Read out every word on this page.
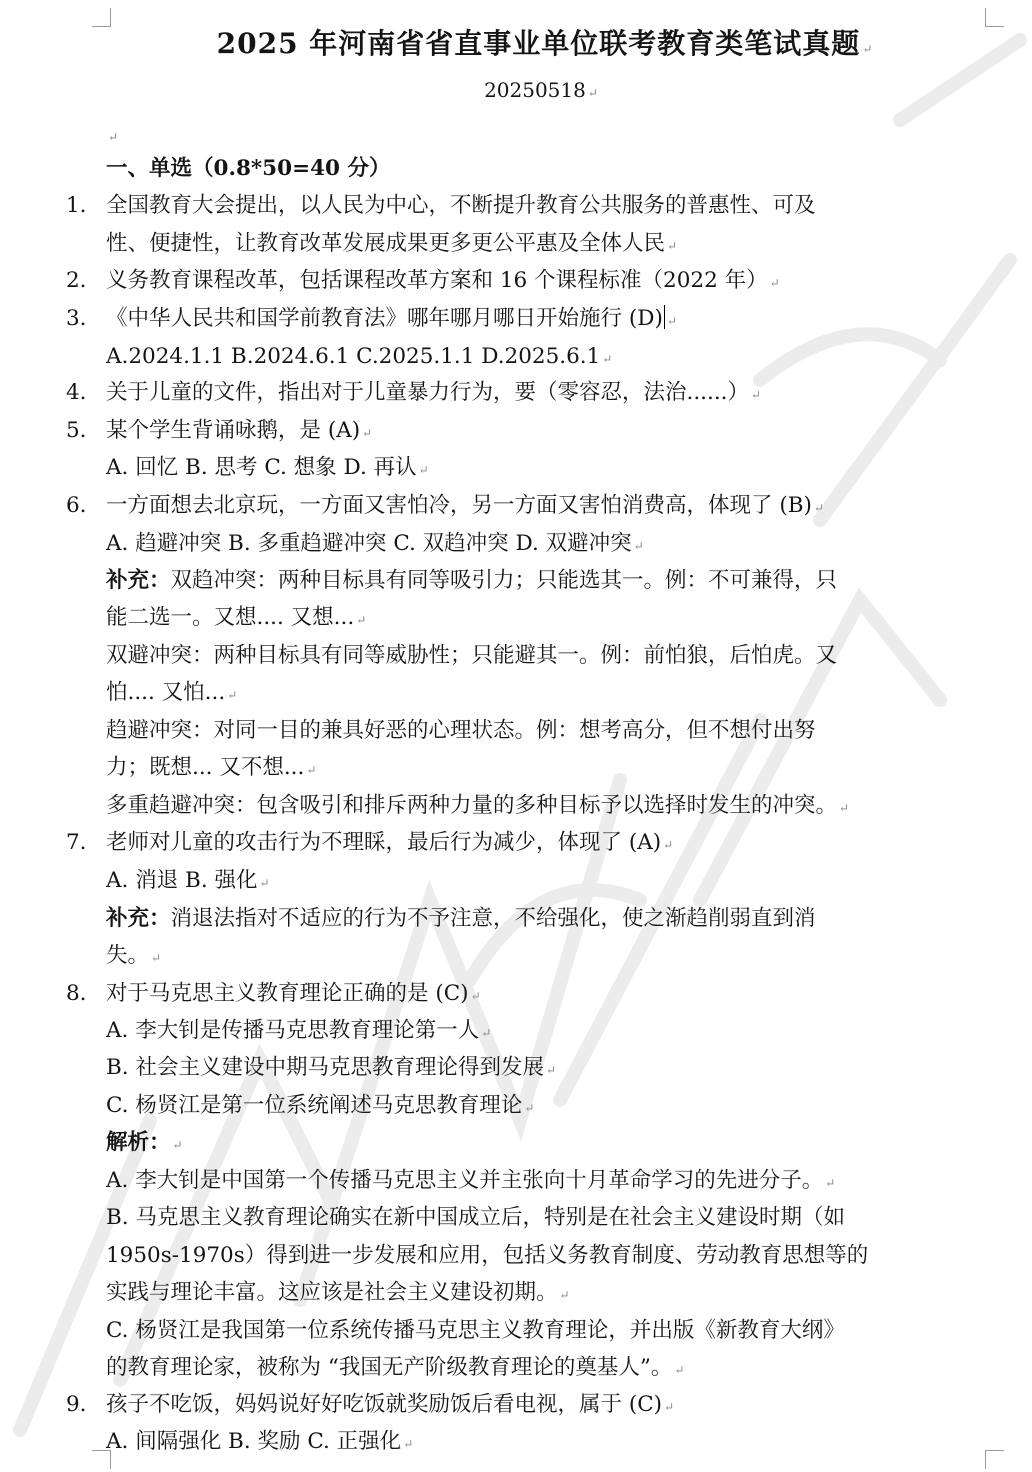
2025 年河南省省直事业单位联考教育类笔试真题 ↵

20250518 ↵

↵
一、单选（0.8*50=40 分）
1. 全国教育大会提出，以人民为中心，不断提升教育公共服务的普惠性、可及
性、便捷性，让教育改革发展成果更多更公平惠及全体人民 ↵
2. 义务教育课程改革，包括课程改革方案和 16 个课程标准（2022 年） ↵
3. 《中华人民共和国学前教育法》哪年哪月哪日开始施行 (D) ↵
A.2024.1.1 B.2024.6.1 C.2025.1.1 D.2025.6.1 ↵
4. 关于儿童的文件，指出对于儿童暴力行为，要（零容忍，法治......） ↵
5. 某个学生背诵咏鹅，是 (A) ↵
A. 回忆 B. 思考 C. 想象 D. 再认 ↵
6. 一方面想去北京玩，一方面又害怕冷，另一方面又害怕消费高，体现了 (B) ↵
A. 趋避冲突 B. 多重趋避冲突 C. 双趋冲突 D. 双避冲突 ↵
补充：双趋冲突：两种目标具有同等吸引力；只能选其一。例：不可兼得，只
能二选一。又想.... 又想... ↵
双避冲突：两种目标具有同等威胁性；只能避其一。例：前怕狼，后怕虎。又
怕.... 又怕... ↵
趋避冲突：对同一目的兼具好恶的心理状态。例：想考高分，但不想付出努
力；既想... 又不想... ↵
多重趋避冲突：包含吸引和排斥两种力量的多种目标予以选择时发生的冲突。 ↵
7. 老师对儿童的攻击行为不理睬，最后行为减少，体现了 (A) ↵
A. 消退 B. 强化 ↵
补充：消退法指对不适应的行为不予注意，不给强化，使之渐趋削弱直到消
失。 ↵
8. 对于马克思主义教育理论正确的是 (C) ↵
A. 李大钊是传播马克思教育理论第一人 ↵
B. 社会主义建设中期马克思教育理论得到发展 ↵
C. 杨贤江是第一位系统阐述马克思教育理论 ↵
解析： ↵
A. 李大钊是中国第一个传播马克思主义并主张向十月革命学习的先进分子。 ↵
B. 马克思主义教育理论确实在新中国成立后，特别是在社会主义建设时期（如
1950s-1970s）得到进一步发展和应用，包括义务教育制度、劳动教育思想等的
实践与理论丰富。这应该是社会主义建设初期。 ↵
C. 杨贤江是我国第一位系统传播马克思主义教育理论，并出版《新教育大纲》
的教育理论家，被称为 “我国无产阶级教育理论的奠基人”。 ↵
9. 孩子不吃饭，妈妈说好好吃饭就奖励饭后看电视，属于 (C) ↵
A. 间隔强化 B. 奖励 C. 正强化 ↵
